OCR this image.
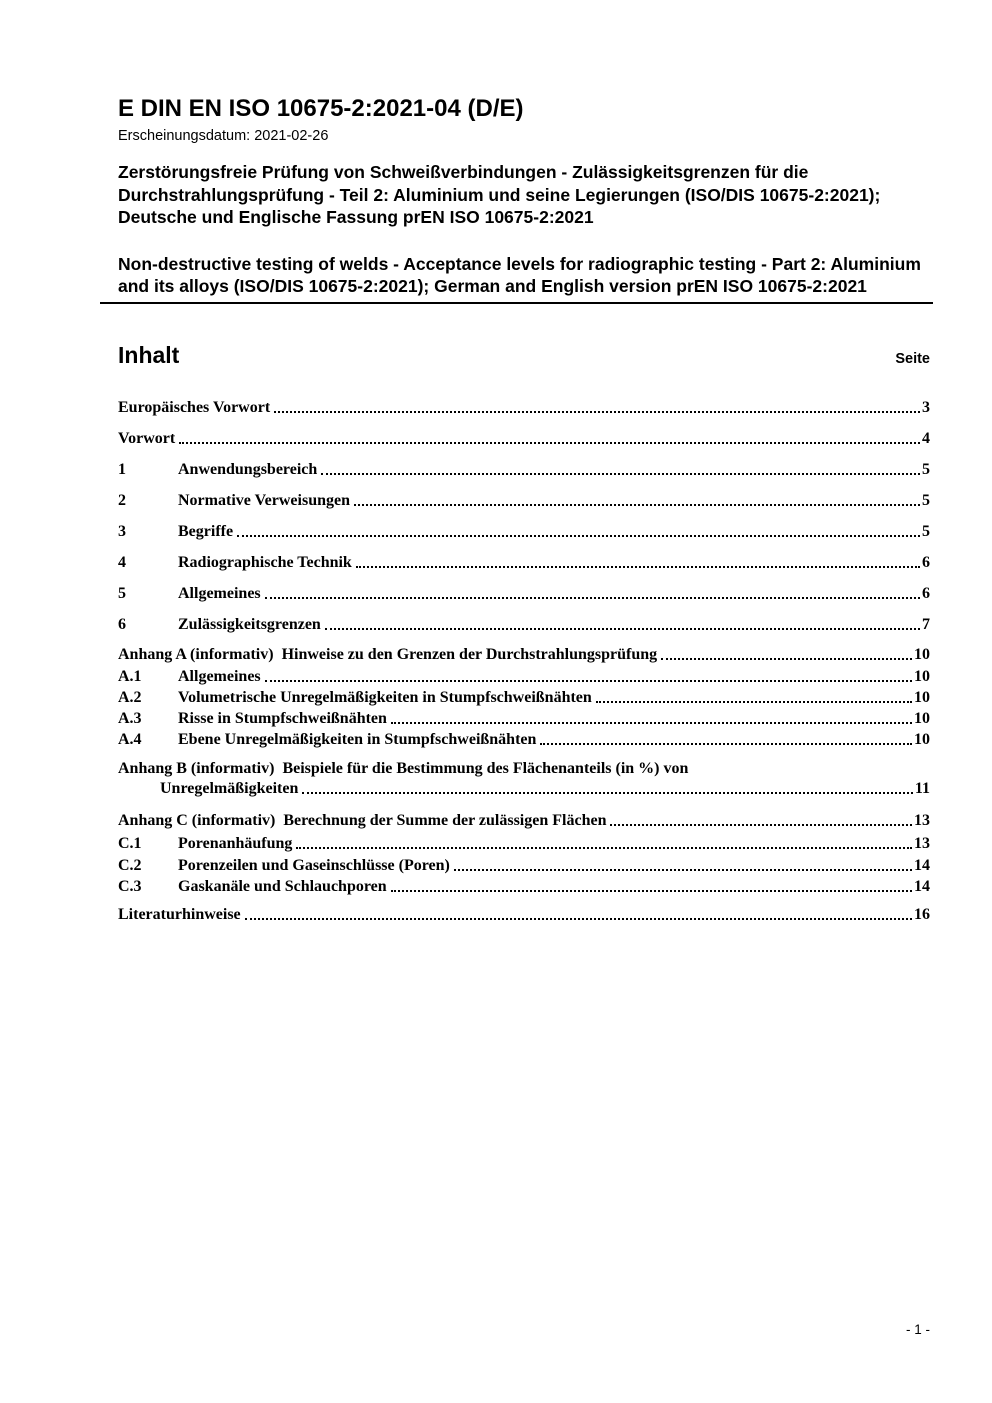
E DIN EN ISO 10675-2:2021-04 (D/E)
Erscheinungsdatum: 2021-02-26
Zerstörungsfreie Prüfung von Schweißverbindungen - Zulässigkeitsgrenzen für die Durchstrahlungsprüfung - Teil 2: Aluminium und seine Legierungen (ISO/DIS 10675-2:2021); Deutsche und Englische Fassung prEN ISO 10675-2:2021
Non-destructive testing of welds - Acceptance levels for radiographic testing - Part 2: Aluminium and its alloys (ISO/DIS 10675-2:2021); German and English version prEN ISO 10675-2:2021
Inhalt	Seite
Europäisches Vorwort	3
Vorwort	4
1	Anwendungsbereich	5
2	Normative Verweisungen	5
3	Begriffe	5
4	Radiographische Technik	6
5	Allgemeines	6
6	Zulässigkeitsgrenzen	7
Anhang A (informativ)  Hinweise zu den Grenzen der Durchstrahlungsprüfung	10
A.1	Allgemeines	10
A.2	Volumetrische Unregelmäßigkeiten in Stumpfschweißnähten	10
A.3	Risse in Stumpfschweißnähten	10
A.4	Ebene Unregelmäßigkeiten in Stumpfschweißnähten	10
Anhang B (informativ)  Beispiele für die Bestimmung des Flächenanteils (in %) von
Unregelmäßigkeiten	11
Anhang C (informativ)  Berechnung der Summe der zulässigen Flächen	13
C.1	Porenanhäufung	13
C.2	Porenzeilen und Gaseinschlüsse (Poren)	14
C.3	Gaskanäle und Schlauchporen	14
Literaturhinweise	16
- 1 -
